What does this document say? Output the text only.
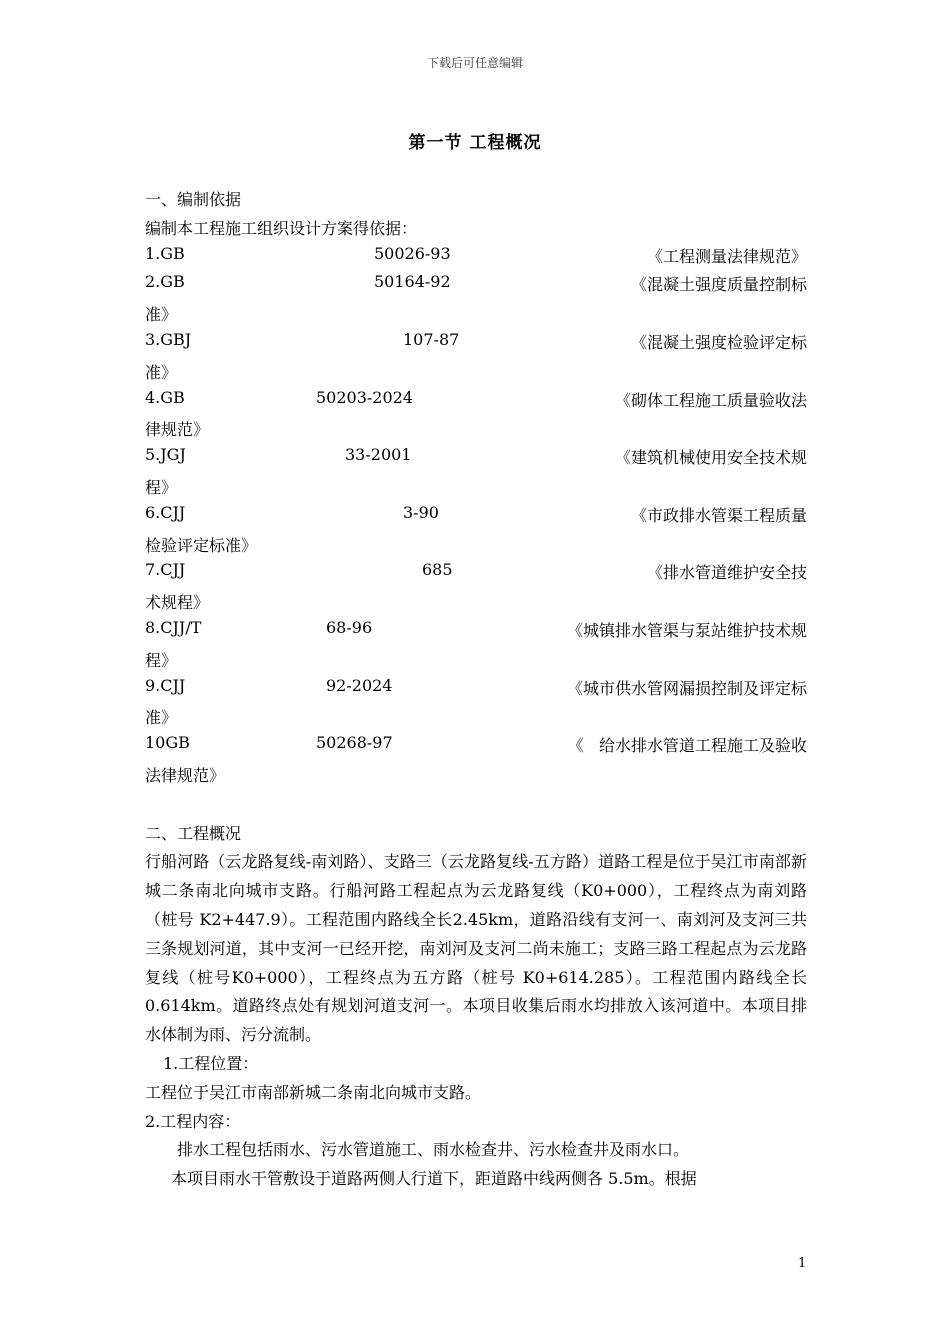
下载后可任意编辑
第一节 工程概况
一、编制依据
编制本工程施工组织设计方案得依据：
1.GB	50026-93	《工程测量法律规范》
2.GB	50164-92	《混凝土强度质量控制标
准》
3.GBJ	107-87	《混凝土强度检验评定标
准》
4.GB	50203-2024	《砌体工程施工质量验收法
律规范》
5.JGJ	33-2001	《建筑机械使用安全技术规
程》
6.CJJ	3-90	《市政排水管渠工程质量
检验评定标准》
7.CJJ	685	《排水管道维护安全技
术规程》
8.CJJ/T	68-96	《城镇排水管渠与泵站维护技术规
程》
9.CJJ	92-2024	《城市供水管网漏损控制及评定标
准》
10GB	50268-97	《   给水排水管道工程施工及验收
法律规范》
二、工程概况

行船河路（云龙路复线-南刘路）、支路三（云龙路复线-五方路）道路工程是位于吴江市南部新城二条南北向城市支路。行船河路工程起点为云龙路复线（K0+000），工程终点为南刘路（桩号 K2+447.9）。工程范围内路线全长2.45km，道路沿线有支河一、南刘河及支河三共三条规划河道，其中支河一已经开挖，南刘河及支河二尚未施工；支路三路工程起点为云龙路复线（桩号K0+000），工程终点为五方路（桩号 K0+614.285）。工程范围内路线全长0.614km。道路终点处有规划河道支河一。本项目收集后雨水均排放入该河道中。本项目排水体制为雨、污分流制。

1.工程位置：
工程位于吴江市南部新城二条南北向城市支路。
2.工程内容：
排水工程包括雨水、污水管道施工、雨水检查井、污水检查井及雨水口。
本项目雨水干管敷设于道路两侧人行道下，距道路中线两侧各 5.5m。根据
1
